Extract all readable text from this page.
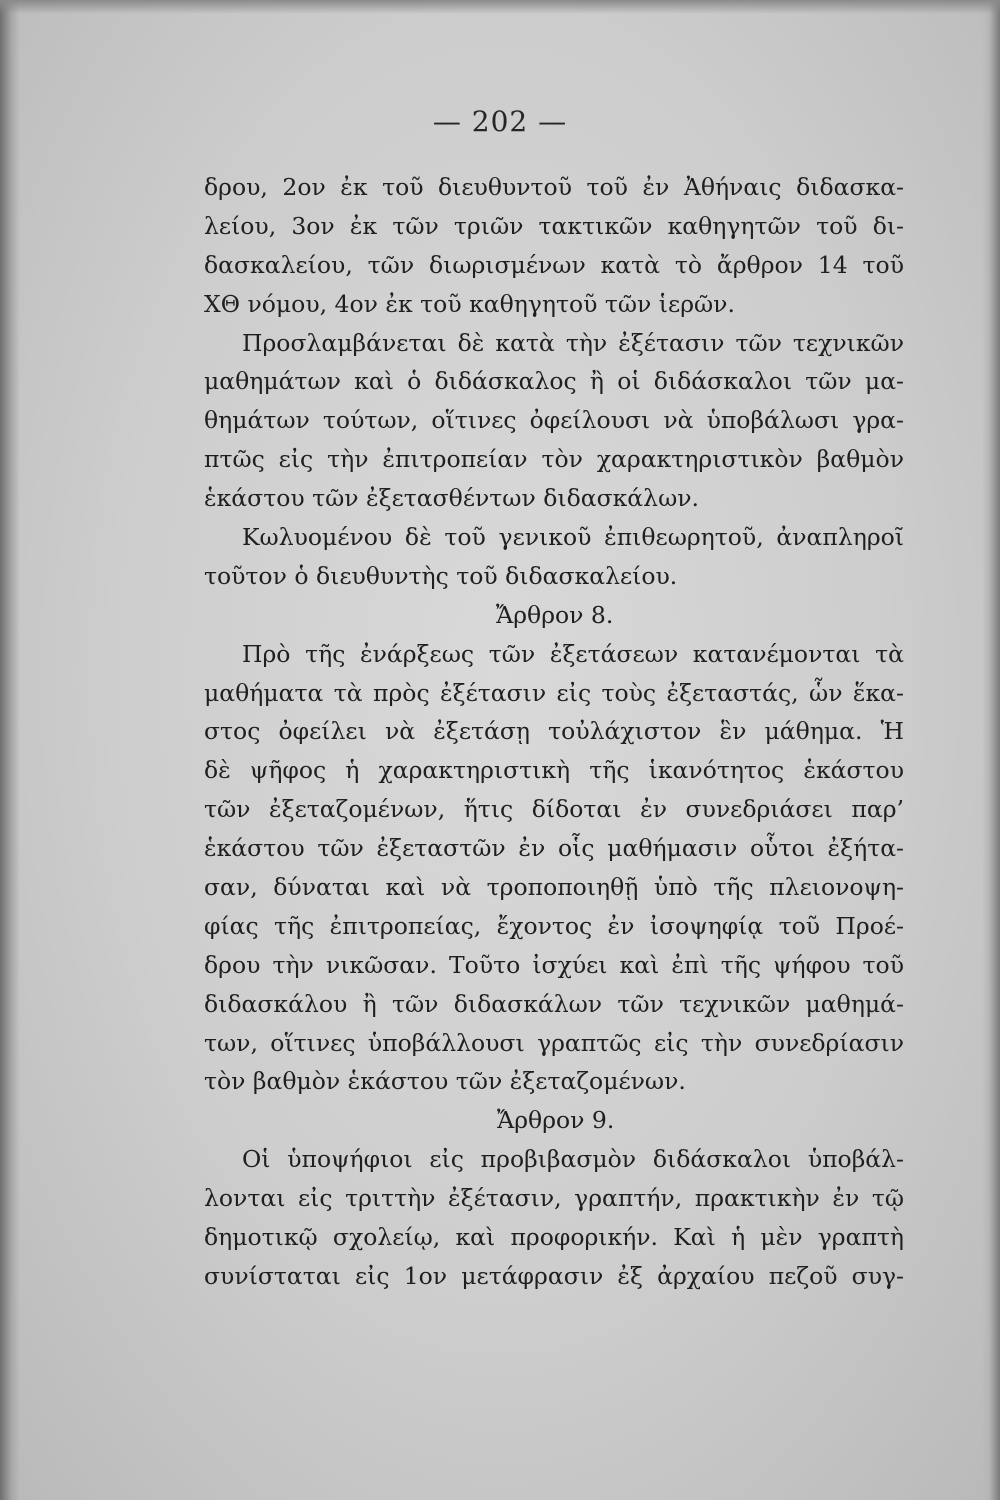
— 202 —
δρου, 2ον ἐκ τοῦ διευθυντοῦ τοῦ ἐν Ἀθήναις διδασκα-
λείου, 3ον ἐκ τῶν τριῶν τακτικῶν καθηγητῶν τοῦ δι-
δασκαλείου, τῶν διωρισμένων κατὰ τὸ ἄρθρον 14 τοῦ
ΧΘ νόμου, 4ον ἐκ τοῦ καθηγητοῦ τῶν ἱερῶν.
Προσλαμβάνεται δὲ κατὰ τὴν ἐξέτασιν τῶν τεχνικῶν
μαθημάτων καὶ ὁ διδάσκαλος ἢ οἱ διδάσκαλοι τῶν μα-
θημάτων τούτων, οἵτινες ὀφείλουσι νὰ ὑποβάλωσι γρα-
πτῶς εἰς τὴν ἐπιτροπείαν τὸν χαρακτηριστικὸν βαθμὸν
ἑκάστου τῶν ἐξετασθέντων διδασκάλων.
Κωλυομένου δὲ τοῦ γενικοῦ ἐπιθεωρητοῦ, ἀναπληροῖ
τοῦτον ὁ διευθυντὴς τοῦ διδασκαλείου.
Ἄρθρον 8.
Πρὸ τῆς ἐνάρξεως τῶν ἐξετάσεων κατανέμονται τὰ
μαθήματα τὰ πρὸς ἐξέτασιν εἰς τοὺς ἐξεταστάς, ὧν ἕκα-
στος ὀφείλει νὰ ἐξετάσῃ τοὐλάχιστον ἓν μάθημα. Ἡ
δὲ ψῆφος ἡ χαρακτηριστικὴ τῆς ἱκανότητος ἑκάστου
τῶν ἐξεταζομένων, ἥτις δίδοται ἐν συνεδριάσει παρ’
ἑκάστου τῶν ἐξεταστῶν ἐν οἷς μαθήμασιν οὗτοι ἐξήτα-
σαν, δύναται καὶ νὰ τροποποιηθῇ ὑπὸ τῆς πλειονοψη-
φίας τῆς ἐπιτροπείας, ἔχοντος ἐν ἰσοψηφίᾳ τοῦ Προέ-
δρου τὴν νικῶσαν. Τοῦτο ἰσχύει καὶ ἐπὶ τῆς ψήφου τοῦ
διδασκάλου ἢ τῶν διδασκάλων τῶν τεχνικῶν μαθημά-
των, οἵτινες ὑποβάλλουσι γραπτῶς εἰς τὴν συνεδρίασιν
τὸν βαθμὸν ἑκάστου τῶν ἐξεταζομένων.
Ἄρθρον 9.
Οἱ ὑποψήφιοι εἰς προβιβασμὸν διδάσκαλοι ὑποβάλ-
λονται εἰς τριττὴν ἐξέτασιν, γραπτήν, πρακτικὴν ἐν τῷ
δημοτικῷ σχολείῳ, καὶ προφορικήν. Καὶ ἡ μὲν γραπτὴ
συνίσταται εἰς 1ον μετάφρασιν ἐξ ἀρχαίου πεζοῦ συγ-
